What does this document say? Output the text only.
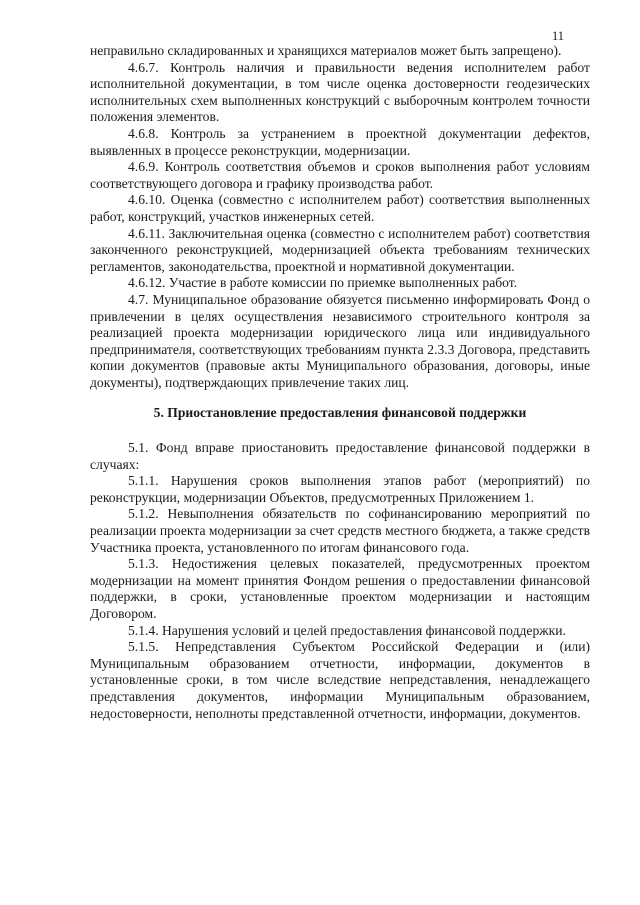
11

неправильно складированных и хранящихся материалов может быть запрещено).

4.6.7. Контроль наличия и правильности ведения исполнителем работ исполнительной документации, в том числе оценка достоверности геодезических исполнительных схем выполненных конструкций с выборочным контролем точности положения элементов.

4.6.8. Контроль за устранением в проектной документации дефектов, выявленных в процессе реконструкции, модернизации.

4.6.9. Контроль соответствия объемов и сроков выполнения работ условиям соответствующего договора и графику производства работ.

4.6.10. Оценка (совместно с исполнителем работ) соответствия выполненных работ, конструкций, участков инженерных сетей.

4.6.11. Заключительная оценка (совместно с исполнителем работ) соответствия законченного реконструкцией, модернизацией объекта требованиям технических регламентов, законодательства, проектной и нормативной документации.

4.6.12. Участие в работе комиссии по приемке выполненных работ.

4.7. Муниципальное образование обязуется письменно информировать Фонд о привлечении в целях осуществления независимого строительного контроля за реализацией проекта модернизации юридического лица или индивидуального предпринимателя, соответствующих требованиям пункта 2.3.3 Договора, представить копии документов (правовые акты Муниципального образования, договоры, иные документы), подтверждающих привлечение таких лиц.

5. Приостановление предоставления финансовой поддержки

5.1. Фонд вправе приостановить предоставление финансовой поддержки в случаях:

5.1.1. Нарушения сроков выполнения этапов работ (мероприятий) по реконструкции, модернизации Объектов, предусмотренных Приложением 1.

5.1.2. Невыполнения обязательств по софинансированию мероприятий по реализации проекта модернизации за счет средств местного бюджета, а также средств Участника проекта, установленного по итогам финансового года.

5.1.3. Недостижения целевых показателей, предусмотренных проектом модернизации на момент принятия Фондом решения о предоставлении финансовой поддержки, в сроки, установленные проектом модернизации и настоящим Договором.

5.1.4. Нарушения условий и целей предоставления финансовой поддержки.

5.1.5. Непредставления Субъектом Российской Федерации и (или) Муниципальным образованием отчетности, информации, документов в установленные сроки, в том числе вследствие непредставления, ненадлежащего представления документов, информации Муниципальным образованием, недостоверности, неполноты представленной отчетности, информации, документов.
